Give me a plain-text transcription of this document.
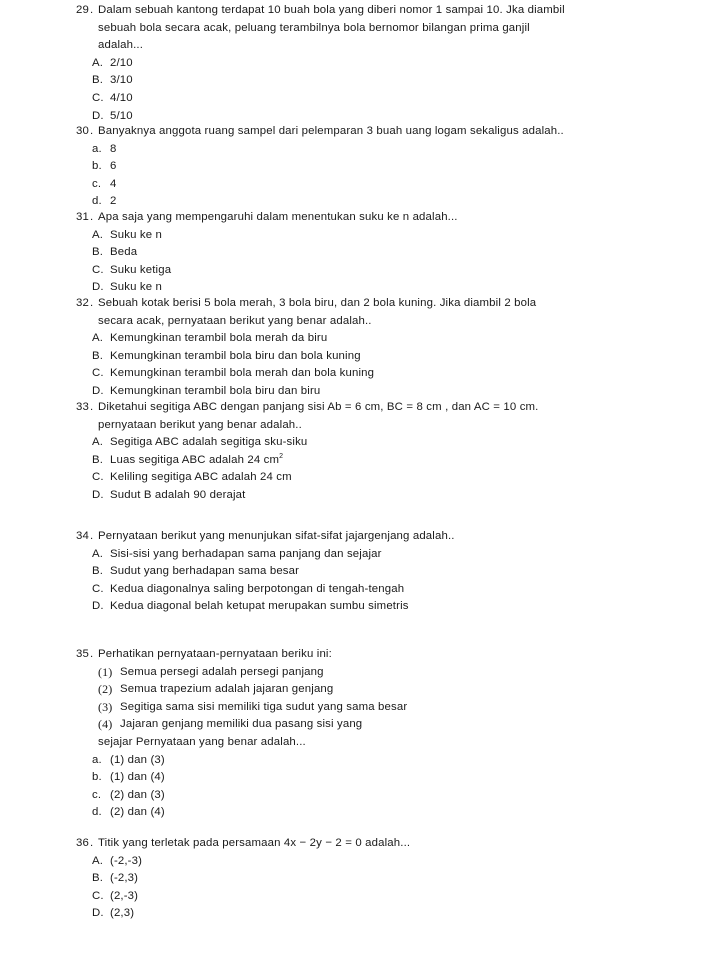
29 . Dalam sebuah kantong terdapat 10 buah bola yang diberi nomor 1 sampai 10. Jka diambil
sebuah bola secara acak, peluang terambilnya bola bernomor bilangan prima ganjil
adalah...
A. 2/10
B. 3/10
C. 4/10
D. 5/10
30 . Banyaknya anggota ruang sampel dari pelemparan 3 buah uang logam sekaligus adalah..
a. 8
b. 6
c. 4
d. 2
31 . Apa saja yang mempengaruhi dalam menentukan suku ke n adalah...
A. Suku ke n
B. Beda
C. Suku ketiga
D. Suku ke n
32 . Sebuah kotak berisi 5 bola merah, 3 bola biru, dan 2 bola kuning. Jika diambil 2 bola
secara acak, pernyataan berikut yang benar adalah..
A. Kemungkinan terambil bola merah da biru
B. Kemungkinan terambil bola biru dan bola kuning
C. Kemungkinan terambil bola merah dan bola kuning
D. Kemungkinan terambil bola biru dan biru
33 . Diketahui segitiga ABC dengan panjang sisi Ab = 6 cm, BC = 8 cm , dan AC = 10 cm.
pernyataan berikut yang benar adalah..
A. Segitiga ABC adalah segitiga sku-siku
B. Luas segitiga ABC adalah 24 $cm^2$
C. Keliling segitiga ABC adalah 24 cm
D. Sudut B adalah 90 derajat
34 . Pernyataan berikut yang menunjukan sifat-sifat jajargenjang adalah..
A. Sisi-sisi yang berhadapan sama panjang dan sejajar
B. Sudut yang berhadapan sama besar
C. Kedua diagonalnya saling berpotongan di tengah-tengah
D. Kedua diagonal belah ketupat merupakan sumbu simetris
35 . Perhatikan pernyataan-pernyataan beriku ini:
(1) Semua persegi adalah persegi panjang
(2) Semua trapezium adalah jajaran genjang
(3) Segitiga sama sisi memiliki tiga sudut yang sama besar
(4) Jajaran genjang memiliki dua pasang sisi yang
sejajar Pernyataan yang benar adalah...
a. (1) dan (3)
b. (1) dan (4)
c. (2) dan (3)
d. (2) dan (4)
36 . Titik yang terletak pada persamaan 4x − 2y − 2 = 0 adalah...
A. (-2,-3)
B. (-2,3)
C. (2,-3)
D. (2,3)
